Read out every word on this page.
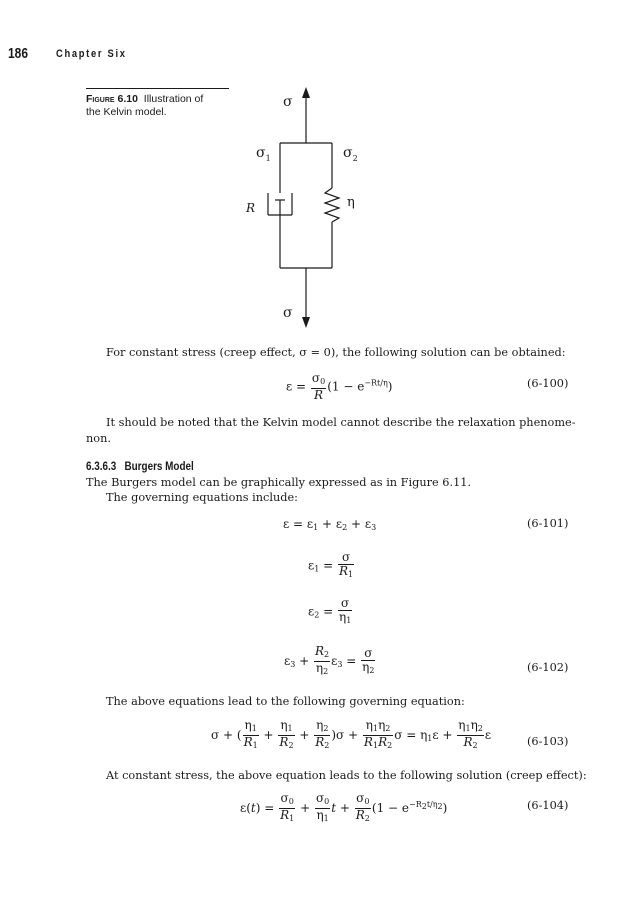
186	Chapter Six
Figure 6.10 Illustration of
the Kelvin model.
σ
σ
$\sigma_1$	$\sigma_2$
R	η
For constant stress (creep effect, σ = 0), the following solution can be obtained:
$\varepsilon = \frac{\sigma_0}{R} (1 - e^{-Rt/\eta})$	(6-100)
It should be noted that the Kelvin model cannot describe the relaxation phenome-
non.
6.3.6.3 Burgers Model
The Burgers model can be graphically expressed as in Figure 6.11.
The governing equations include:
$\varepsilon = \varepsilon_1 + \varepsilon_2 + \varepsilon_3$	(6-101)
$\varepsilon_1 = \frac{\sigma}{R_1}$
$\varepsilon_2 = \frac{\sigma}{\eta_1}$
$\varepsilon_3 + \frac{R_2}{\eta_2} \varepsilon_3 = \frac{\sigma}{\eta_2}$	(6-102)
The above equations lead to the following governing equation:
σ + ( $\frac{\eta_1}{R_1} + \frac{\eta_1}{R_2} + \frac{\eta_2}{R_2} )\sigma + \frac{\eta_1\eta_2}{R_1R_2}$ $\sigma = \eta_1\varepsilon + \frac{\eta_1\eta_2}{R_2}$ ε	(6-103)
At constant stress, the above equation leads to the following solution (creep effect):
$\varepsilon(t) = \frac{\sigma_0}{R_1} + \frac{\sigma_0}{\eta_1}$ $t + \frac{\sigma_0}{R_2} (1 - e^{-R_2t/\eta_2})$	(6-104)
